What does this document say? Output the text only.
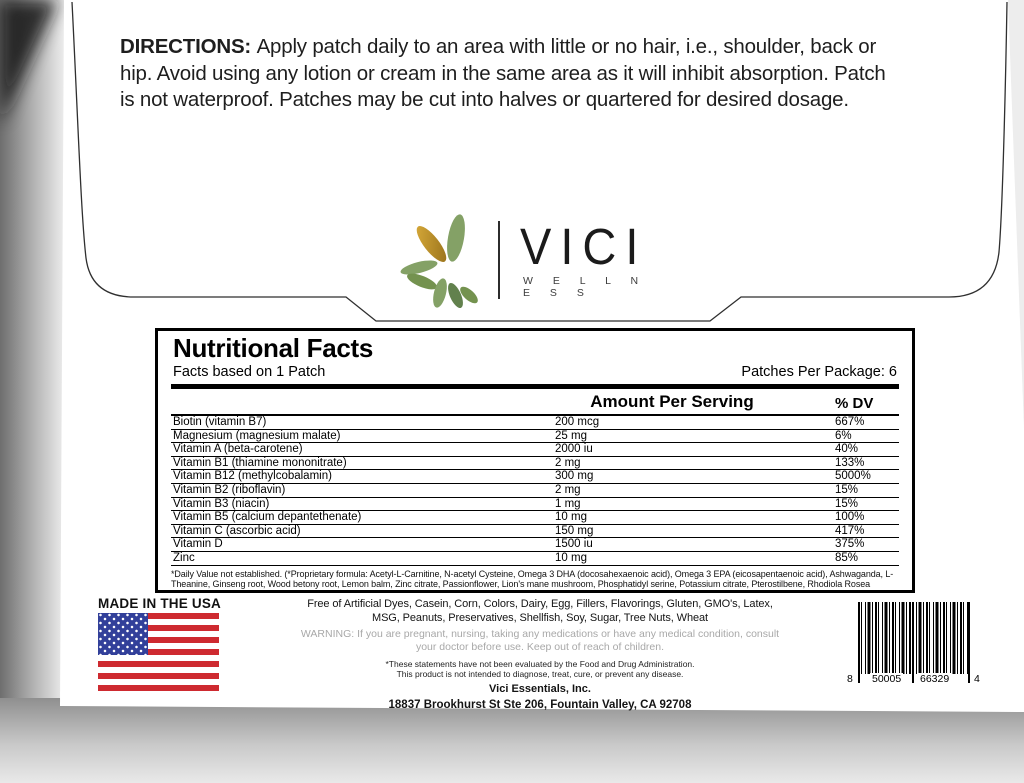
DIRECTIONS: Apply patch daily to an area with little or no hair, i.e., shoulder, back or hip. Avoid using any lotion or cream in the same area as it will inhibit absorption. Patch is not waterproof. Patches may be cut into halves or quartered for desired dosage.
VICI
W E L L N E S S
Nutritional Facts
Facts based on 1 Patch	Patches Per Package: 6
Amount Per Serving	% DV
Biotin (vitamin B7)	200 mcg	667%
Magnesium (magnesium malate)	25 mg	6%
Vitamin A (beta-carotene)	2000 iu	40%
Vitamin B1 (thiamine mononitrate)	2 mg	133%
Vitamin B12 (methylcobalamin)	300 mg	5000%
Vitamin B2 (riboflavin)	2 mg	15%
Vitamin B3 (niacin)	1 mg	15%
Vitamin B5 (calcium depantethenate)	10 mg	100%
Vitamin C (ascorbic acid)	150 mg	417%
Vitamin D	1500 iu	375%
Zinc	10 mg	85%
*Daily Value not established. (*Proprietary formula: Acetyl-L-Carnitine, N-acetyl Cysteine, Omega 3 DHA (docosahexaenoic acid), Omega 3 EPA (eicosapentaenoic acid), Ashwaganda, L-Theanine, Ginseng root, Wood betony root, Lemon balm, Zinc citrate, Passionflower, Lion's mane mushroom, Phosphatidyl serine, Potassium citrate, Pterostilbene, Rhodiola Rosea
MADE IN THE USA	Free of Artificial Dyes, Casein, Corn, Colors, Dairy, Egg, Fillers, Flavorings, Gluten, GMO's, Latex,
MSG, Peanuts, Preservatives, Shellfish, Soy, Sugar, Tree Nuts, Wheat
WARNING: If you are pregnant, nursing, taking any medications or have any medical condition, consult
your doctor before use. Keep out of reach of children.
*These statements have not been evaluated by the Food and Drug Administration.
This product is not intended to diagnose, treat, cure, or prevent any disease.
Vici Essentials, Inc.
18837 Brookhurst St Ste 206, Fountain Valley, CA 92708
8 50005 66329 4
